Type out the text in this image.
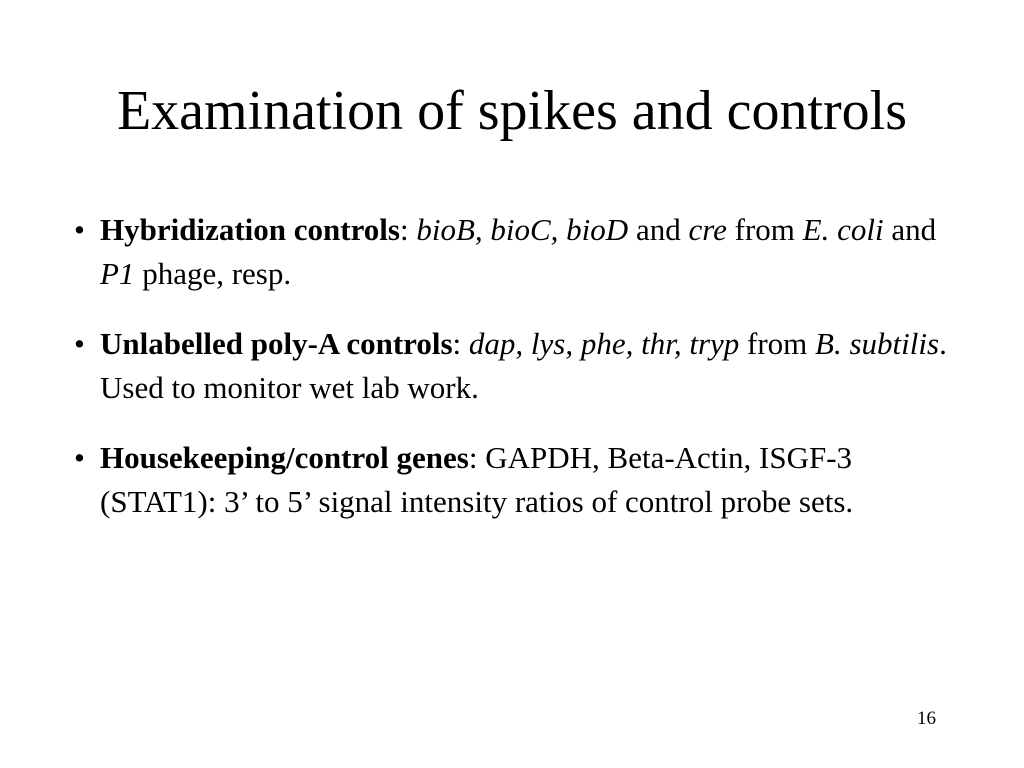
Examination of spikes and controls
• Hybridization controls: bioB, bioC, bioD and cre from E. coli and P1 phage, resp.
• Unlabelled poly-A controls: dap, lys, phe, thr, tryp from B. subtilis.  Used to monitor wet lab work.
• Housekeeping/control genes: GAPDH, Beta-Actin, ISGF-3 (STAT1): 3’ to 5’ signal intensity ratios of control probe sets.
16
